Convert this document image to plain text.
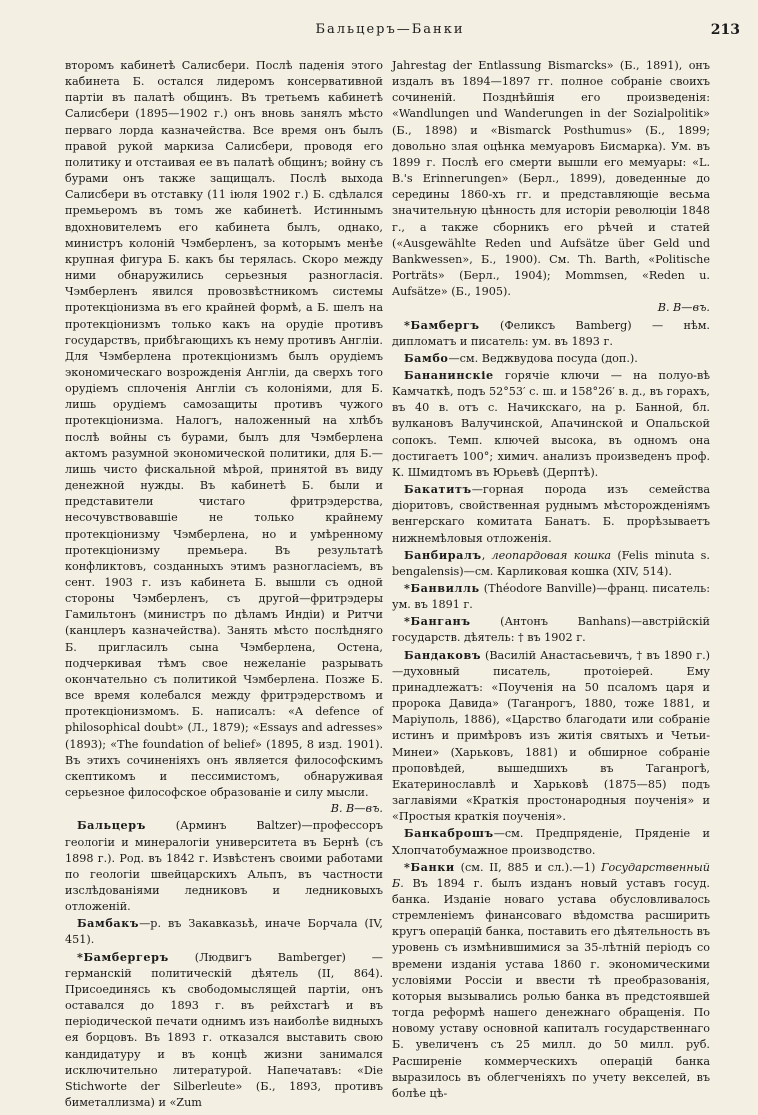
Бальцеръ—Банки	213
второмъ кабинетѣ Салисбери. Послѣ паденія этого кабинета Б. остался лидеромъ консервативной партіи въ палатѣ общинъ. Въ третьемъ кабинетѣ Салисбери (1895—1902 г.) онъ вновь занялъ мѣсто перваго лорда казначейства. Все время онъ былъ правой рукой маркиза Салисбери, проводя его политику и отстаивая ее въ палатѣ общинъ; войну съ бурами онъ также защищалъ. Послѣ выхода Салисбери въ отставку (11 іюля 1902 г.) Б. сдѣлался премьеромъ въ томъ же кабинетѣ. Истиннымъ вдохновителемъ его кабинета былъ, однако, министръ колоній Чэмберленъ, за которымъ менѣе крупная фигура Б. какъ бы терялась. Скоро между ними обнаружились серьезныя разногласія. Чэмберленъ явился провозвѣстникомъ системы протекціонизма въ его крайней формѣ, а Б. шелъ на протекціонизмъ только какъ на орудіе противъ государствъ, прибѣгающихъ къ нему противъ Англіи. Для Чэмберлена протекціонизмъ былъ орудіемъ экономическаго возрожденія Англіи, да сверхъ того орудіемъ сплоченія Англіи съ колоніями, для Б. лишь орудіемъ самозащиты противъ чужого протекціонизма. Налогъ, наложенный на хлѣбъ послѣ войны съ бурами, былъ для Чэмберлена актомъ разумной экономической политики, для Б.—лишь чисто фискальной мѣрой, принятой въ виду денежной нужды. Въ кабинетѣ Б. были и представители чистаго фритрэдерства, несочувствовавшіе не только крайнему протекціонизму Чэмберлена, но и умѣренному протекціонизму премьера. Въ результатѣ конфликтовъ, созданныхъ этимъ разногласіемъ, въ сент. 1903 г. изъ кабинета Б. вышли съ одной стороны Чэмберленъ, съ другой—фритрэдеры Гамильтонъ (министръ по дѣламъ Индіи) и Ритчи (канцлеръ казначейства). Занять мѣсто послѣдняго Б. пригласилъ сына Чэмберлена, Остена, подчеркивая тѣмъ свое нежеланіе разрывать окончательно съ политикой Чэмберлена. Позже Б. все время колебался между фритрэдерствомъ и протекціонизмомъ. Б. написалъ: «A defence of philosophical doubt» (Л., 1879); «Essays and adresses» (1893); «The foundation of belief» (1895, 8 изд. 1901). Въ этихъ сочиненіяхъ онъ является философскимъ скептикомъ и пессимистомъ, обнаруживая серьезное философское образованіе и силу мысли.
В. В—въ.
Бальцеръ (Арминъ Baltzer)—профессоръ геологіи и минералогіи университета въ Бернѣ (съ 1898 г.). Род. въ 1842 г. Извѣстенъ своими работами по геологіи швейцарскихъ Альпъ, въ частности изслѣдованіями ледниковъ и ледниковыхъ отложеній.
Бамбакъ—р. въ Закавказьѣ, иначе Борчала (IV, 451).
*Бамбергеръ (Людвигъ Bamberger) — германскій политическій дѣятель (II, 864). Присоединясь къ свободомыслящей партіи, онъ оставался до 1893 г. въ рейхстагѣ и въ періодической печати однимъ изъ наиболѣе видныхъ ея борцовъ. Въ 1893 г. отказался выставить свою кандидатуру и въ концѣ жизни занимался исключительно литературой. Напечатавъ: «Die Stichworte der Silberleute» (Б., 1893, противъ биметаллизма) и «Zum
Jahrestag der Entlassung Bismarcks» (Б., 1891), онъ издалъ въ 1894—1897 гг. полное собраніе своихъ сочиненій. Позднѣйшія его произведенія: «Wandlungen und Wanderungen in der Sozialpolitik» (Б., 1898) и «Bismarck Posthumus» (Б., 1899; довольно злая оцѣнка мемуаровъ Бисмарка). Ум. въ 1899 г. Послѣ его смерти вышли его мемуары: «L. B.'s Erinnerungen» (Берл., 1899), доведенные до середины 1860-хъ гг. и представляющіе весьма значительную цѣнность для исторіи революціи 1848 г., а также сборникъ его рѣчей и статей («Ausgewählte Reden und Aufsätze über Geld und Bankwessen», Б., 1900). См. Th. Barth, «Politische Porträts» (Берл., 1904); Mommsen, «Reden u. Aufsätze» (Б., 1905).
В. В—въ.
*Бамбергъ (Феликсъ Bamberg) — нѣм. дипломатъ и писатель: ум. въ 1893 г.
Бамбо—см. Веджвудова посуда (доп.).
Бананинскіе горячіе ключи — на полуо-вѣ Камчаткѣ, подъ 52°53′ с. ш. и 158°26′ в. д., въ горахъ, въ 40 в. отъ с. Начикскаго, на р. Банной, бл. вулкановъ Валучинской, Апачинской и Опальской сопокъ. Темп. ключей высока, въ одномъ она достигаетъ 100°; химич. анализъ произведенъ проф. К. Шмидтомъ въ Юрьевѣ (Дерптѣ).
Бакатитъ—горная порода изъ семейства діоритовъ, свойственная руднымъ мѣсторожденіямъ венгерскаго комитата Банатъ. Б. прорѣзываетъ нижнемѣловыя отложенія.
Банбиралъ, леопардовая кошка (Felis minuta s. bengalensis)—см. Карликовая кошка (XIV, 514).
*Банвилль (Théodore Banville)—франц. писатель: ум. въ 1891 г.
*Банганъ (Антонъ Banhans)—австрійскій государств. дѣятель: † въ 1902 г.
Бандаковъ (Василій Анастасьевичъ, † въ 1890 г.)—духовный писатель, протоіерей. Ему принадлежатъ: «Поученія на 50 псаломъ царя и пророка Давида» (Таганрогъ, 1880, тоже 1881, и Маріуполь, 1886), «Царство благодати или собраніе истинъ и примѣровъ изъ житія святыхъ и Четьи-Минеи» (Харьковъ, 1881) и обширное собраніе проповѣдей, вышедшихъ въ Таганрогѣ, Екатеринославлѣ и Харьковѣ (1875—85) подъ заглавіями «Краткія простонародныя поученія» и «Простыя краткія поученія».
Банкаброшъ—см. Предпряденіе, Пряденіе и Хлопчатобумажное производство.
*Банки (см. II, 885 и сл.).—1) Государственный Б. Въ 1894 г. былъ изданъ новый уставъ госуд. банка. Изданіе новаго устава обусловливалось стремленіемъ финансоваго вѣдомства расширить кругъ операцій банка, поставить его дѣятельность въ уровень съ измѣнившимися за 35-лѣтній періодъ со времени изданія устава 1860 г. экономическими условіями Россіи и ввести тѣ преобразованія, которыя вызывались ролью банка въ предстоявшей тогда реформѣ нашего денежнаго обращенія. По новому уставу основной капиталъ государственнаго Б. увеличенъ съ 25 милл. до 50 милл. руб. Расширеніе коммерческихъ операцій банка выразилось въ облегченіяхъ по учету векселей, въ болѣе цѣ-
